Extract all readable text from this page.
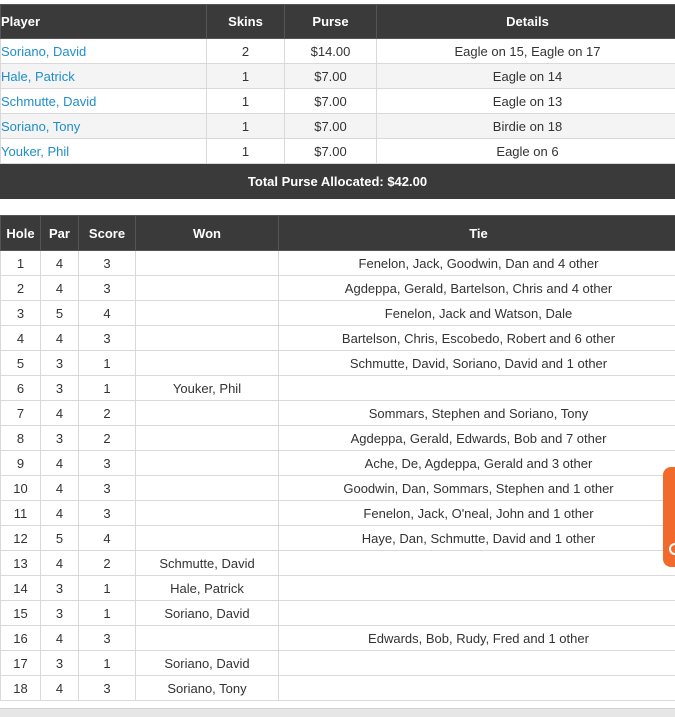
Player	Skins	Purse	Details
Soriano, David	2	$14.00	Eagle on 15, Eagle on 17
Hale, Patrick	1	$7.00	Eagle on 14
Schmutte, David	1	$7.00	Eagle on 13
Soriano, Tony	1	$7.00	Birdie on 18
Youker, Phil	1	$7.00	Eagle on 6
Total Purse Allocated: $42.00
Hole	Par	Score	Won	Tie
1	4	3		Fenelon, Jack, Goodwin, Dan and 4 other
2	4	3		Agdeppa, Gerald, Bartelson, Chris and 4 other
3	5	4		Fenelon, Jack and Watson, Dale
4	4	3		Bartelson, Chris, Escobedo, Robert and 6 other
5	3	1		Schmutte, David, Soriano, David and 1 other
6	3	1	Youker, Phil	
7	4	2		Sommars, Stephen and Soriano, Tony
8	3	2		Agdeppa, Gerald, Edwards, Bob and 7 other
9	4	3		Ache, De, Agdeppa, Gerald and 3 other
10	4	3		Goodwin, Dan, Sommars, Stephen and 1 other
11	4	3		Fenelon, Jack, O'neal, John and 1 other
12	5	4		Haye, Dan, Schmutte, David and 1 other
13	4	2	Schmutte, David	
14	3	1	Hale, Patrick	
15	3	1	Soriano, David	
16	4	3		Edwards, Bob, Rudy, Fred and 1 other
17	3	1	Soriano, David	
18	4	3	Soriano, Tony	
